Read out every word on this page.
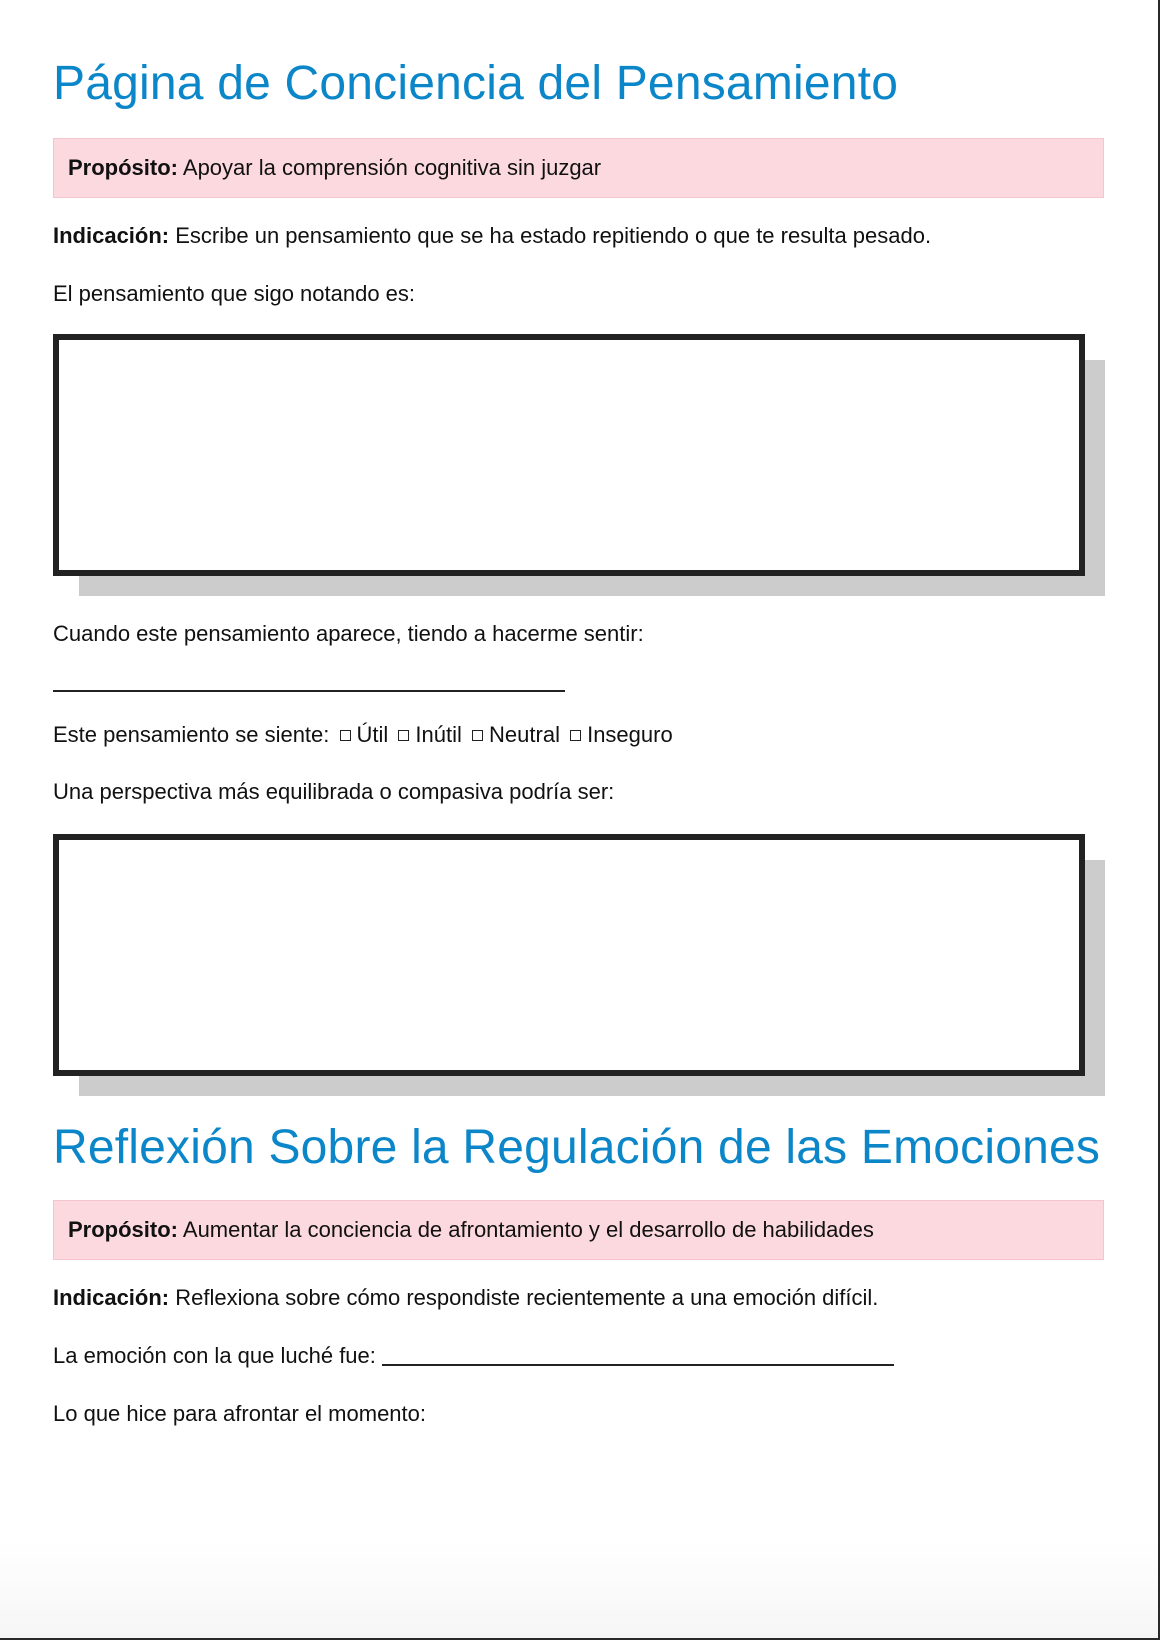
Página de Conciencia del Pensamiento
Propósito: Apoyar la comprensión cognitiva sin juzgar
Indicación: Escribe un pensamiento que se ha estado repitiendo o que te resulta pesado.
El pensamiento que sigo notando es:
Cuando este pensamiento aparece, tiendo a hacerme sentir:
Este pensamiento se siente: Útil Inútil Neutral Inseguro
Una perspectiva más equilibrada o compasiva podría ser:
Reflexión Sobre la Regulación de las Emociones
Propósito: Aumentar la conciencia de afrontamiento y el desarrollo de habilidades
Indicación: Reflexiona sobre cómo respondiste recientemente a una emoción difícil.
La emoción con la que luché fue:
Lo que hice para afrontar el momento:
